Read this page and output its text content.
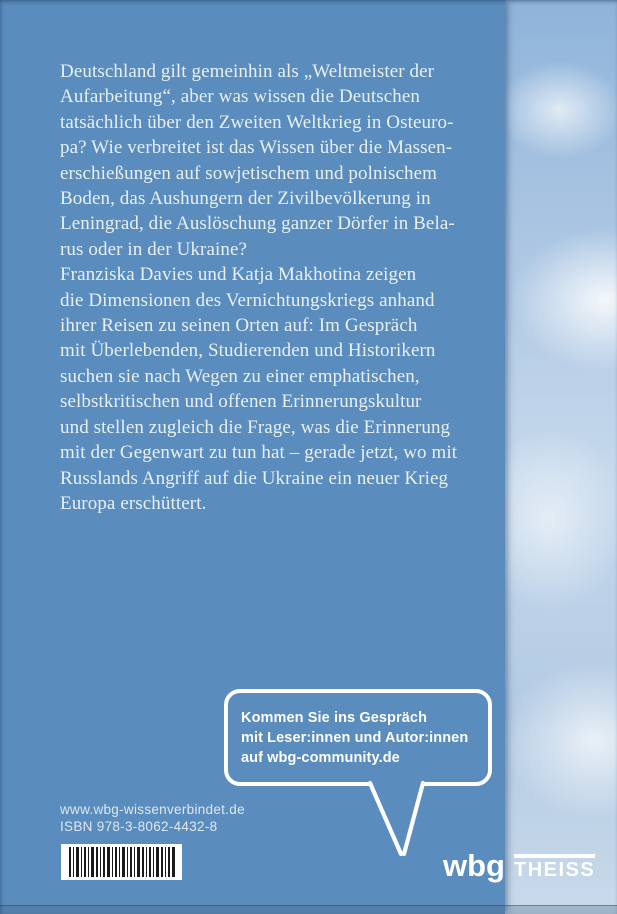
Deutschland gilt gemeinhin als „Weltmeister der
Aufarbeitung“, aber was wissen die Deutschen
tatsächlich über den Zweiten Weltkrieg in Osteuro-
pa? Wie verbreitet ist das Wissen über die Massen-
erschießungen auf sowjetischem und polnischem
Boden, das Aushungern der Zivilbevölkerung in
Leningrad, die Auslöschung ganzer Dörfer in Bela-
rus oder in der Ukraine?
Franziska Davies und Katja Makhotina zeigen
die Dimensionen des Vernichtungskriegs anhand
ihrer Reisen zu seinen Orten auf: Im Gespräch
mit Überlebenden, Studierenden und Historikern
suchen sie nach Wegen zu einer emphatischen,
selbstkritischen und offenen Erinnerungskultur
und stellen zugleich die Frage, was die Erinnerung
mit der Gegenwart zu tun hat – gerade jetzt, wo mit
Russlands Angriff auf die Ukraine ein neuer Krieg
Europa erschüttert.
Kommen Sie ins Gespräch
mit Leser:innen und Autor:innen
auf wbg-community.de
www.wbg-wissenverbindet.de
ISBN 978-3-8062-4432-8
wbg THEISS
